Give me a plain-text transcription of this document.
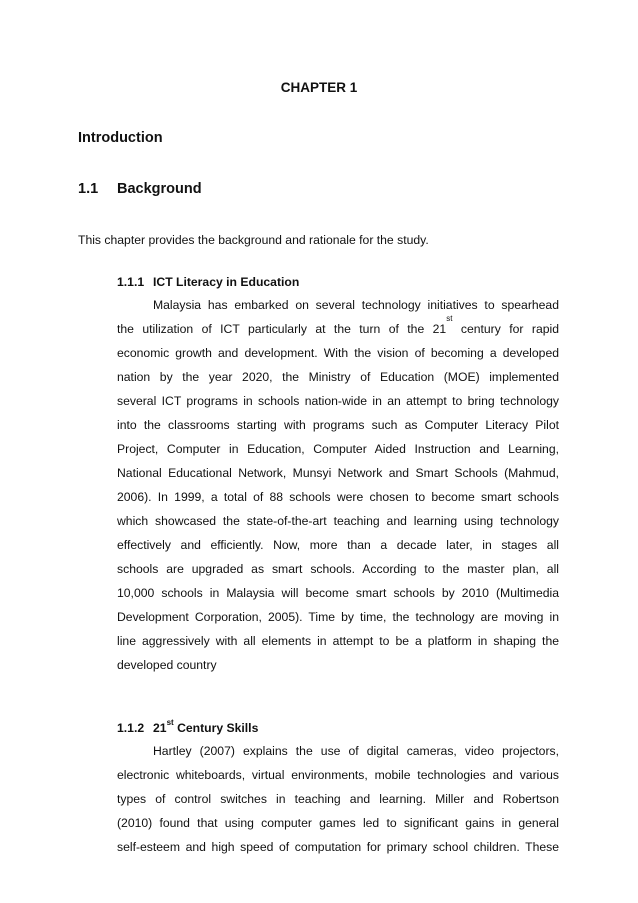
CHAPTER 1

Introduction

1.1 Background

This chapter provides the background and rationale for the study.

1.1.1 ICT Literacy in Education

Malaysia has embarked on several technology initiatives to spearhead
the utilization of ICT particularly at the turn of the 21st century for rapid
economic growth and development. With the vision of becoming a developed
nation by the year 2020, the Ministry of Education (MOE) implemented
several ICT programs in schools nation-wide in an attempt to bring technology
into the classrooms starting with programs such as Computer Literacy Pilot
Project, Computer in Education, Computer Aided Instruction and Learning,
National Educational Network, Munsyi Network and Smart Schools (Mahmud,
2006). In 1999, a total of 88 schools were chosen to become smart schools
which showcased the state-of-the-art teaching and learning using technology
effectively and efficiently. Now, more than a decade later, in stages all
schools are upgraded as smart schools. According to the master plan, all
10,000 schools in Malaysia will become smart schools by 2010 (Multimedia
Development Corporation, 2005). Time by time, the technology are moving in
line aggressively with all elements in attempt to be a platform in shaping the
developed country

1.1.2 21st Century Skills

Hartley (2007) explains the use of digital cameras, video projectors,
electronic whiteboards, virtual environments, mobile technologies and various
types of control switches in teaching and learning. Miller and Robertson
(2010) found that using computer games led to significant gains in general
self-esteem and high speed of computation for primary school children. These
